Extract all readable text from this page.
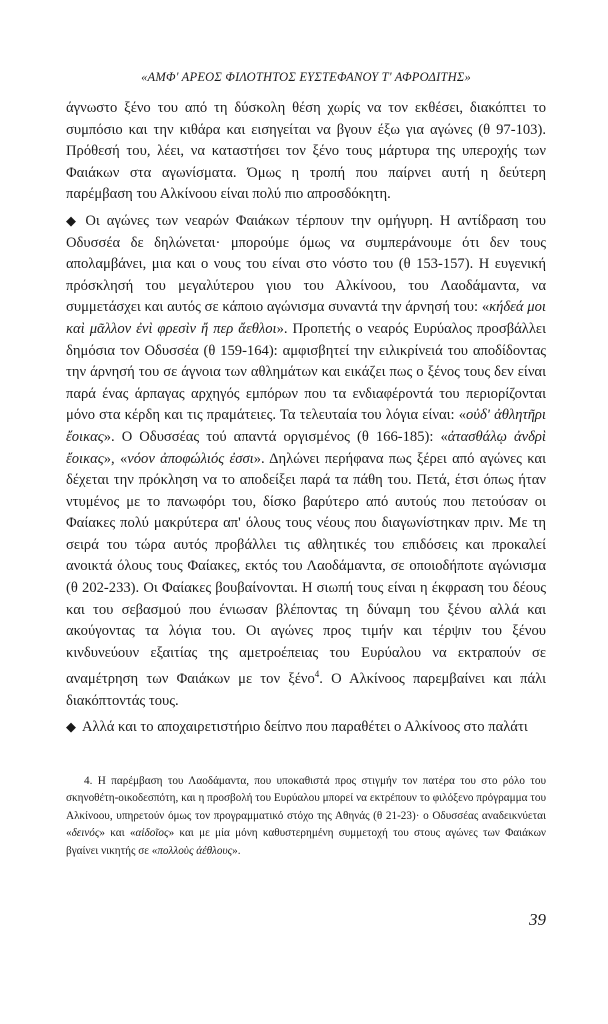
«ΑΜΦ' ΑΡΕΟΣ ΦΙΛΟΤΗΤΟΣ ΕΥΣΤΕΦΑΝΟΥ Τ' ΑΦΡΟΔΙΤΗΣ»

άγνωστο ξένο του από τη δύσκολη θέση χωρίς να τον εκθέσει, διακόπτει το συμπόσιο και την κιθάρα και εισηγείται να βγουν έξω για αγώνες (θ 97-103). Πρόθεσή του, λέει, να καταστήσει τον ξένο τους μάρτυρα της υπεροχής των Φαιάκων στα αγωνίσματα. Όμως η τροπή που παίρνει αυτή η δεύτερη παρέμβαση του Αλκίνοου είναι πολύ πιο απροσδόκητη.

◆ Οι αγώνες των νεαρών Φαιάκων τέρπουν την ομήγυρη. Η αντίδραση του Οδυσσέα δε δηλώνεται· μπορούμε όμως να συμπεράνουμε ότι δεν τους απολαμβάνει, μια και ο νους του είναι στο νόστο του (θ 153-157). Η ευγενική πρόσκλησή του μεγαλύτερου γιου του Αλκίνοου, του Λαοδάμαντα, να συμμετάσχει και αυτός σε κάποιο αγώνισμα συναντά την άρνησή του: «κήδεά μοι καὶ μᾶλλον ἐνὶ φρεσὶν ἤ περ ἄεθλοι». Προπετής ο νεαρός Ευρύαλος προσβάλλει δημόσια τον Οδυσσέα (θ 159-164): αμφισβητεί την ειλικρίνειά του αποδίδοντας την άρνησή του σε άγνοια των αθλημάτων και εικάζει πως ο ξένος τους δεν είναι παρά ένας άρπαγας αρχηγός εμπόρων που τα ενδιαφέροντά του περιορίζονται μόνο στα κέρδη και τις πραμάτειες. Τα τελευταία του λόγια είναι: «οὐδ' ἀθλητῆρι ἔοικας». Ο Οδυσσέας τού απαντά οργισμένος (θ 166-185): «ἀτασθάλῳ ἀνδρὶ ἔοικας», «νόον ἀποφώλιός ἐσσι». Δηλώνει περήφανα πως ξέρει από αγώνες και δέχεται την πρόκληση να το αποδείξει παρά τα πάθη του. Πετά, έτσι όπως ήταν ντυμένος με το πανωφόρι του, δίσκο βαρύτερο από αυτούς που πετούσαν οι Φαίακες πολύ μακρύτερα απ' όλους τους νέους που διαγωνίστηκαν πριν. Με τη σειρά του τώρα αυτός προβάλλει τις αθλητικές του επιδόσεις και προκαλεί ανοικτά όλους τους Φαίακες, εκτός του Λαοδάμαντα, σε οποιοδήποτε αγώνισμα (θ 202-233). Οι Φαίακες βουβαίνονται. Η σιωπή τους είναι η έκφραση του δέους και του σεβασμού που ένιωσαν βλέποντας τη δύναμη του ξένου αλλά και ακούγοντας τα λόγια του. Οι αγώνες προς τιμήν και τέρψιν του ξένου κινδυνεύουν εξαιτίας της αμετροέπειας του Ευρύαλου να εκτραπούν σε αναμέτρηση των Φαιάκων με τον ξένο$^4$. Ο Αλκίνοος παρεμβαίνει και πάλι διακόπτοντάς τους.

◆ Αλλά και το αποχαιρετιστήριο δείπνο που παραθέτει ο Αλκίνοος στο παλάτι

4. Η παρέμβαση του Λαοδάμαντα, που υποκαθιστά προς στιγμήν τον πατέρα του στο ρόλο του σκηνοθέτη-οικοδεσπότη, και η προσβολή του Ευρύαλου μπορεί να εκτρέπουν το φιλόξενο πρόγραμμα του Αλκίνοου, υπηρετούν όμως τον προγραμματικό στόχο της Αθηνάς (θ 21-23)· ο Οδυσσέας αναδεικνύεται «δεινός» και «αἰδοῖος» και με μία μόνη καθυστερημένη συμμετοχή του στους αγώνες των Φαιάκων βγαίνει νικητής σε «πολλοὺς ἀέθλους».

39
